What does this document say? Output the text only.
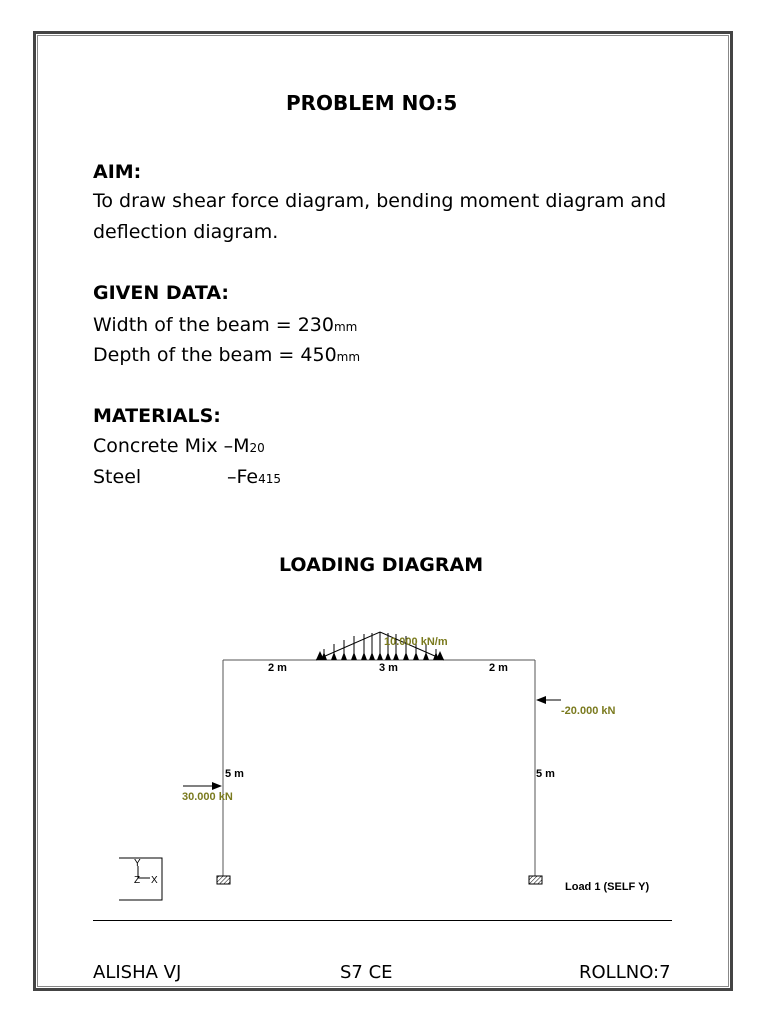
PROBLEM NO:5
AIM:
To draw shear force diagram, bending moment diagram and
deflection diagram.
GIVEN DATA:
Width of the beam = 230mm
Depth of the beam = 450mm
MATERIALS:
Concrete Mix –M20
Steel	–Fe415
LOADING DIAGRAM
10.000 kN/m
2 m	3 m	2 m
-20.000 kN
5 m	5 m
30.000 kN
Y
Z X
Load 1 (SELF Y)
ALISHA VJ	S7 CE	ROLLNO:7
